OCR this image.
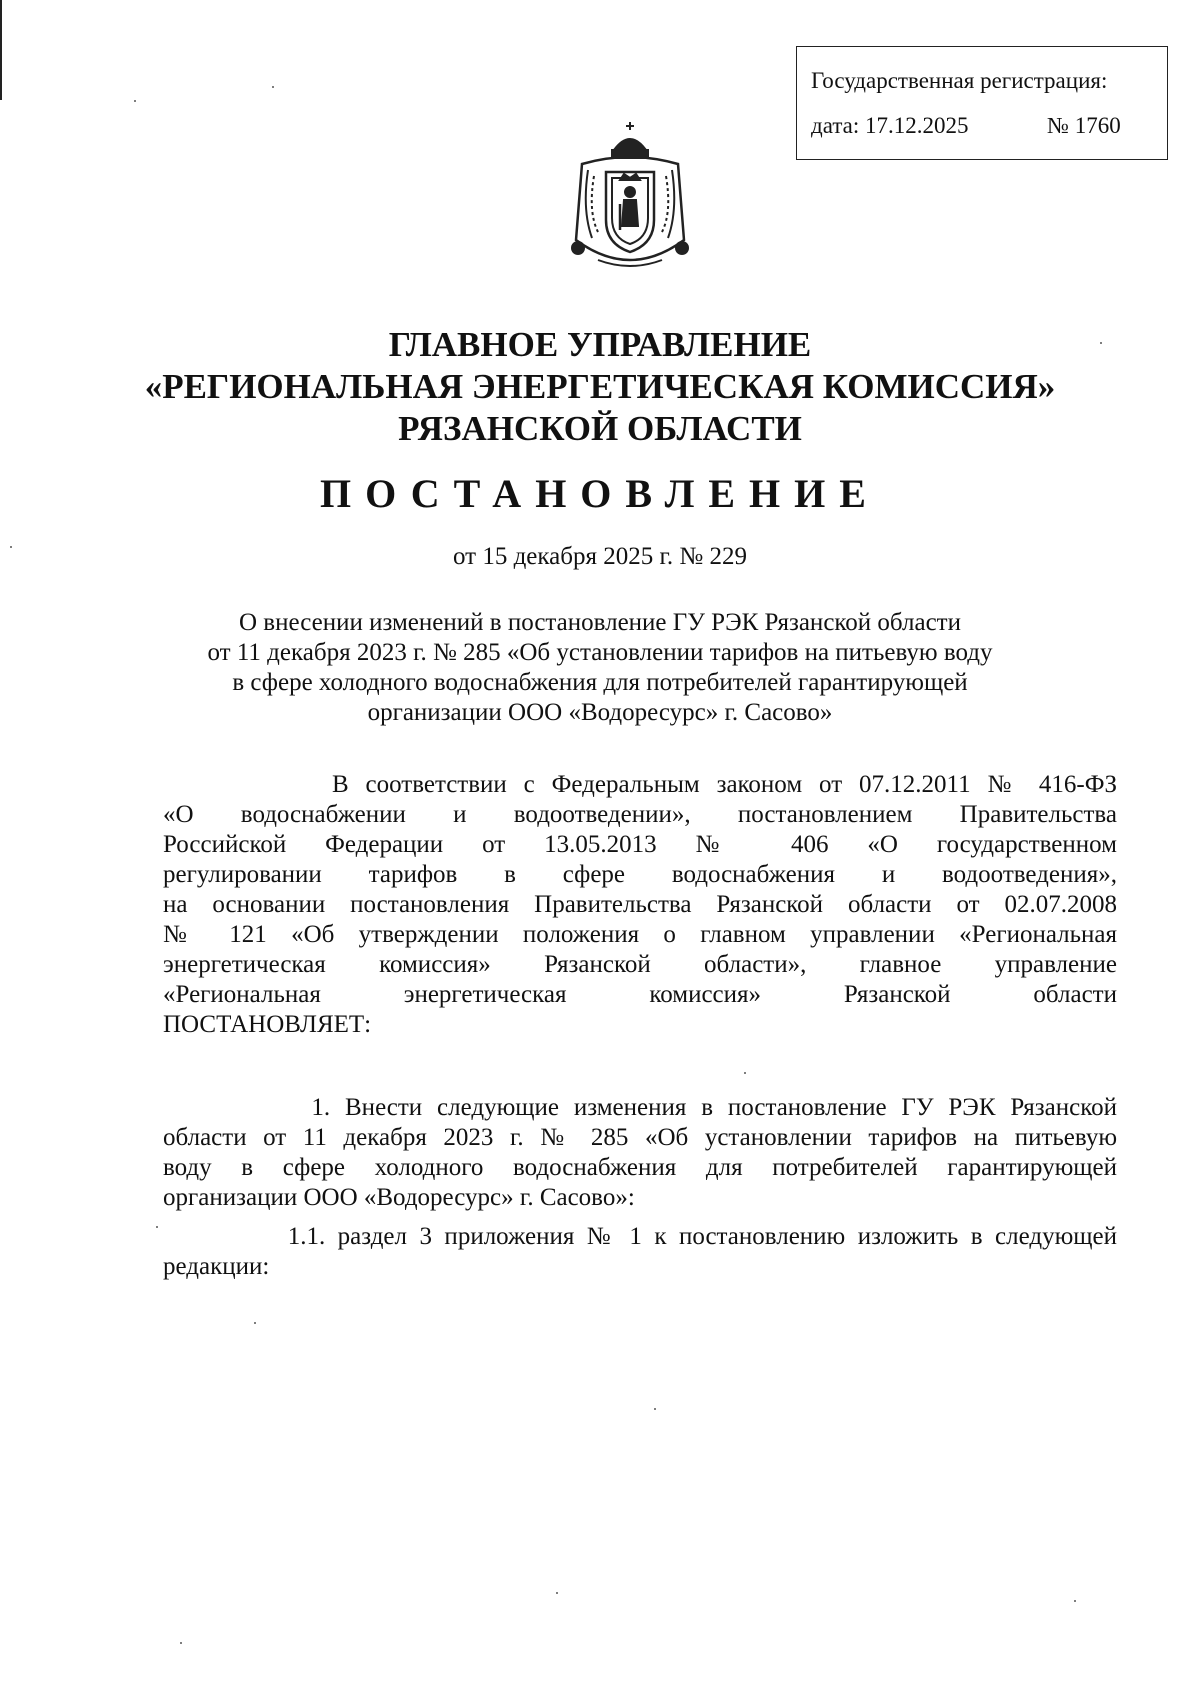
Государственная регистрация:
дата: 17.12.2025	№ 1760
ГЛАВНОЕ УПРАВЛЕНИЕ
«РЕГИОНАЛЬНАЯ ЭНЕРГЕТИЧЕСКАЯ КОМИССИЯ»
РЯЗАНСКОЙ ОБЛАСТИ
ПОСТАНОВЛЕНИЕ
от 15 декабря 2025 г. № 229
О внесении изменений в постановление ГУ РЭК Рязанской области
от 11 декабря 2023 г. № 285 «Об установлении тарифов на питьевую воду
в сфере холодного водоснабжения для потребителей гарантирующей
организации ООО «Водоресурс» г. Сасово»
В соответствии с Федеральным законом от 07.12.2011 № 416-ФЗ
«О водоснабжении и водоотведении», постановлением Правительства
Российской Федерации от 13.05.2013 № 406 «О государственном
регулировании тарифов в сфере водоснабжения и водоотведения»,
на основании постановления Правительства Рязанской области от 02.07.2008
№ 121 «Об утверждении положения о главном управлении «Региональная
энергетическая комиссия» Рязанской области», главное управление
«Региональная энергетическая комиссия» Рязанской области
ПОСТАНОВЛЯЕТ:
1. Внести следующие изменения в постановление ГУ РЭК Рязанской
области от 11 декабря 2023 г. № 285 «Об установлении тарифов на питьевую
воду в сфере холодного водоснабжения для потребителей гарантирующей
организации ООО «Водоресурс» г. Сасово»:
1.1. раздел 3 приложения № 1 к постановлению изложить в следующей
редакции:
